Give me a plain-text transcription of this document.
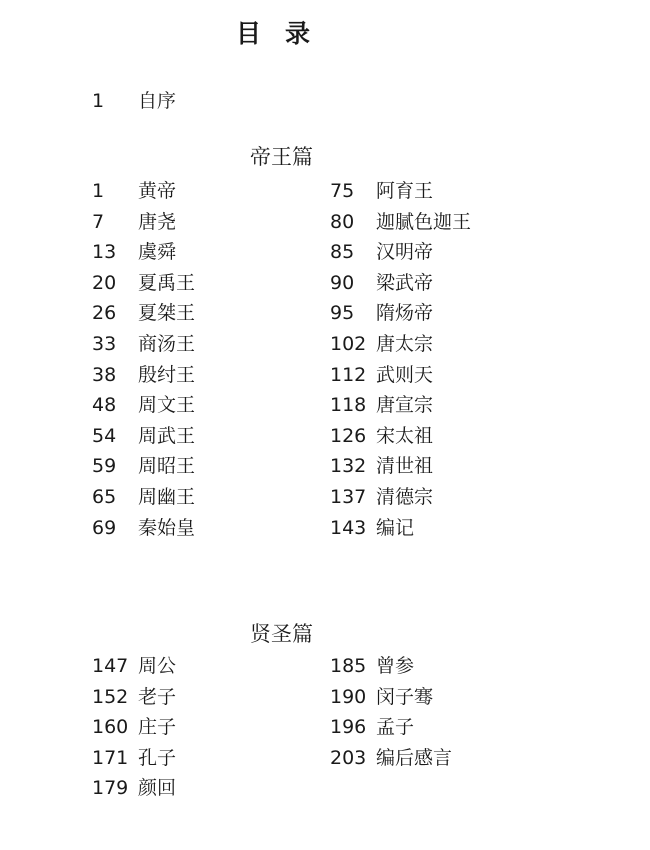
目录
1 自序
帝王篇
1 黄帝
7 唐尧
13 虞舜
20 夏禹王
26 夏桀王
33 商汤王
38 殷纣王
48 周文王
54 周武王
59 周昭王
65 周幽王
69 秦始皇
75 阿育王
80 迦腻色迦王
85 汉明帝
90 梁武帝
95 隋炀帝
102 唐太宗
112 武则天
118 唐宣宗
126 宋太祖
132 清世祖
137 清德宗
143 编记
贤圣篇
147 周公
152 老子
160 庄子
171 孔子
179 颜回
185 曾参
190 闵子骞
196 孟子
203 编后感言
